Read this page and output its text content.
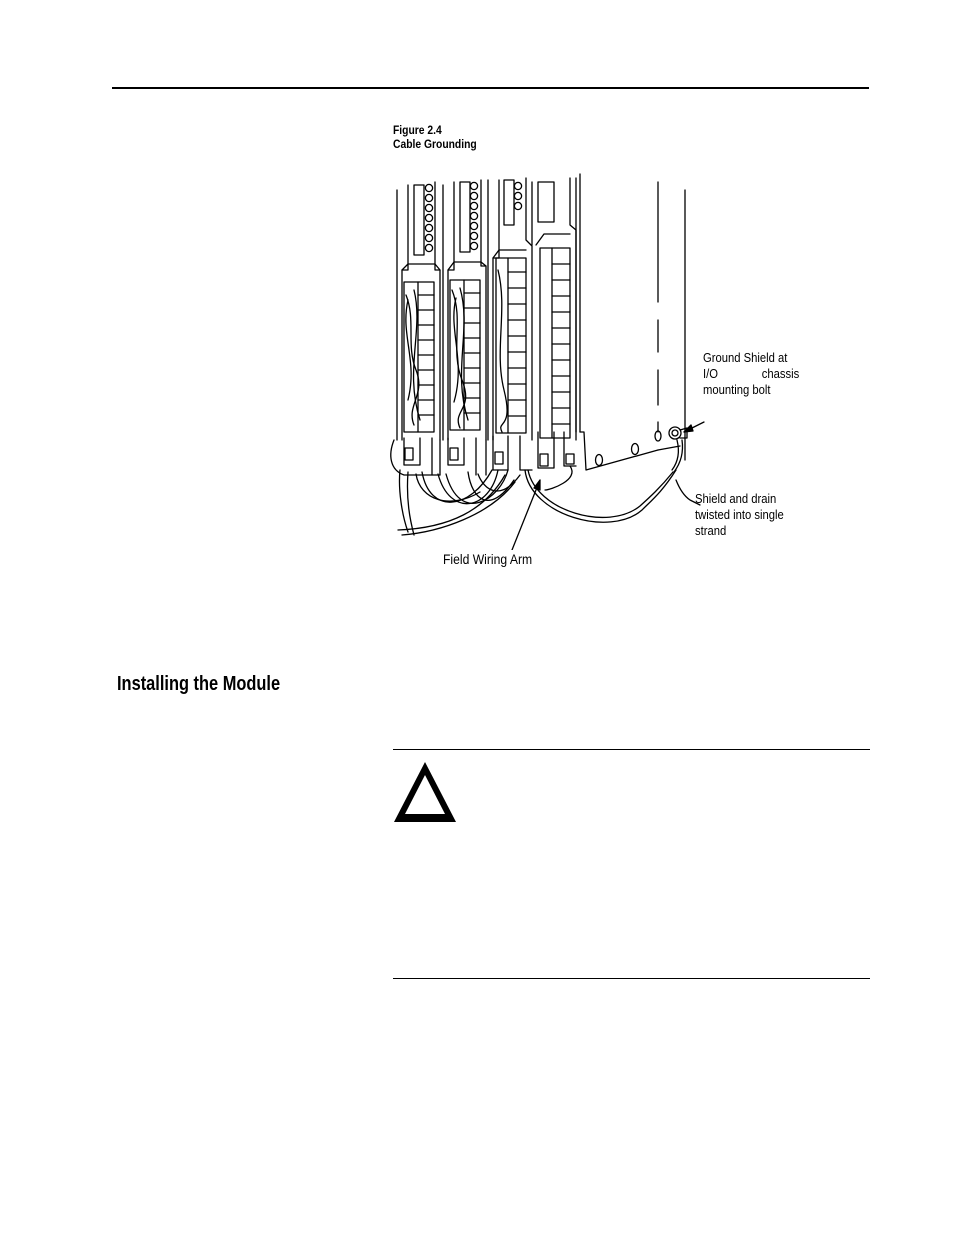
Figure 2.4
Cable Grounding
Ground Shield at
I/O	chassis
mounting bolt
Shield and drain
twisted into single
strand
Field Wiring Arm
Installing the Module
